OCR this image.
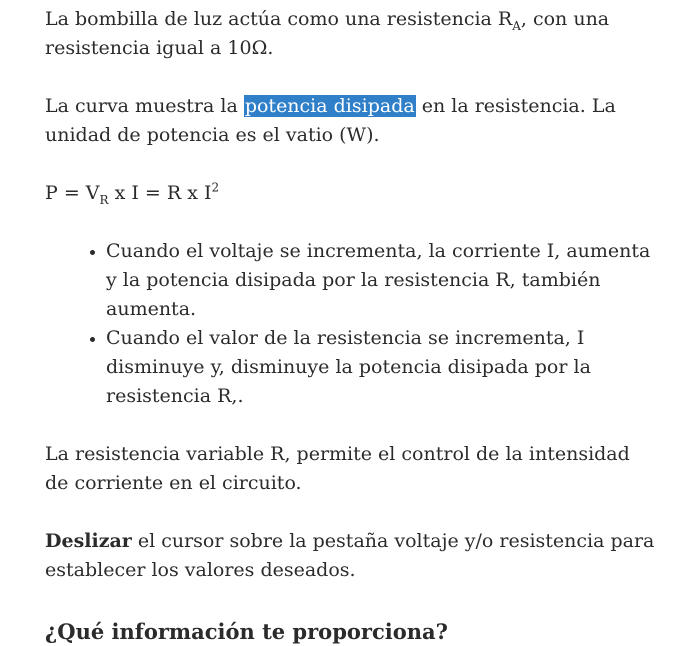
La bombilla de luz actúa como una resistencia $R_A$, con una resistencia igual a 10Ω.

La curva muestra la potencia disipada en la resistencia. La unidad de potencia es el vatio (W).

$P = V_R$ x I = R x $I^2$

• Cuando el voltaje se incrementa, la corriente I, aumenta y la potencia disipada por la resistencia R, también aumenta.
• Cuando el valor de la resistencia se incrementa, I disminuye y, disminuye la potencia disipada por la resistencia R,.

La resistencia variable R, permite el control de la intensidad de corriente en el circuito.

Deslizar el cursor sobre la pestaña voltaje y/o resistencia para establecer los valores deseados.

¿Qué información te proporciona?
